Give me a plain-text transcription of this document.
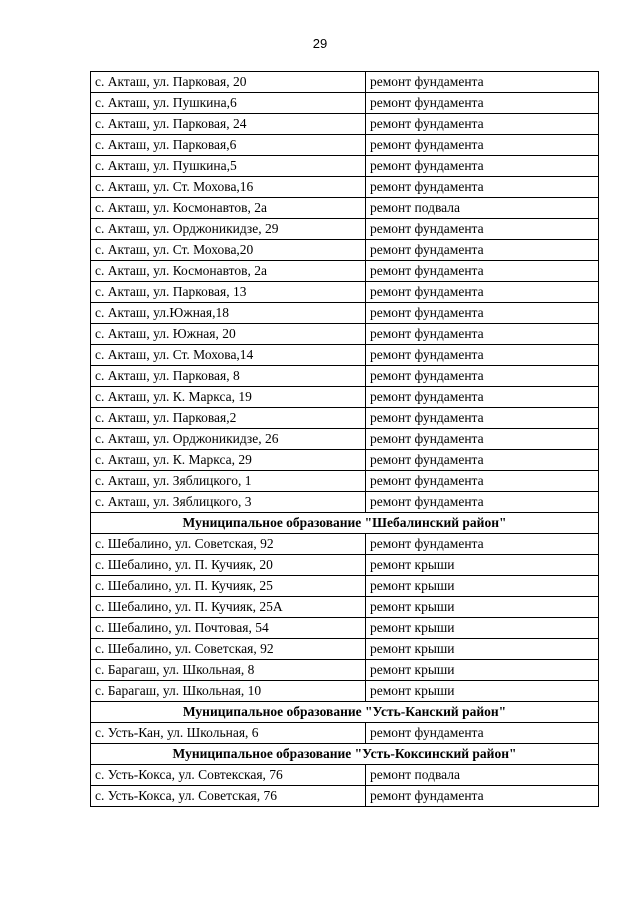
29
с. Акташ, ул. Парковая, 20	ремонт фундамента
с. Акташ, ул. Пушкина,6	ремонт фундамента
с. Акташ, ул. Парковая, 24	ремонт фундамента
с. Акташ, ул. Парковая,6	ремонт фундамента
с. Акташ, ул. Пушкина,5	ремонт фундамента
с. Акташ, ул. Ст. Мохова,16	ремонт фундамента
с. Акташ, ул. Космонавтов, 2а	ремонт подвала
с. Акташ, ул. Орджоникидзе, 29	ремонт фундамента
с. Акташ, ул. Ст. Мохова,20	ремонт фундамента
с. Акташ, ул. Космонавтов, 2а	ремонт фундамента
с. Акташ, ул. Парковая, 13	ремонт фундамента
с. Акташ, ул.Южная,18	ремонт фундамента
с. Акташ, ул. Южная, 20	ремонт фундамента
с. Акташ, ул. Ст. Мохова,14	ремонт фундамента
с. Акташ, ул. Парковая, 8	ремонт фундамента
с. Акташ, ул. К. Маркса, 19	ремонт фундамента
с. Акташ, ул. Парковая,2	ремонт фундамента
с. Акташ, ул. Орджоникидзе, 26	ремонт фундамента
с. Акташ, ул. К. Маркса, 29	ремонт фундамента
с. Акташ, ул. Зяблицкого, 1	ремонт фундамента
с. Акташ, ул. Зяблицкого, 3	ремонт фундамента
Муниципальное образование "Шебалинский район"	
с. Шебалино, ул. Советская, 92	ремонт фундамента
с. Шебалино, ул. П. Кучияк, 20	ремонт крыши
с. Шебалино, ул. П. Кучияк, 25	ремонт крыши
с. Шебалино, ул. П. Кучияк, 25А	ремонт крыши
с. Шебалино, ул. Почтовая, 54	ремонт крыши
с. Шебалино, ул. Советская, 92	ремонт крыши
с. Барагаш, ул. Школьная, 8	ремонт крыши
с. Барагаш, ул. Школьная, 10	ремонт крыши
Муниципальное образование "Усть-Канский район"	
с. Усть-Кан, ул. Школьная, 6	ремонт фундамента
Муниципальное образование "Усть-Коксинский район"	
с. Усть-Кокса, ул. Совтекская, 76	ремонт подвала
с. Усть-Кокса, ул. Советская, 76	ремонт фундамента
